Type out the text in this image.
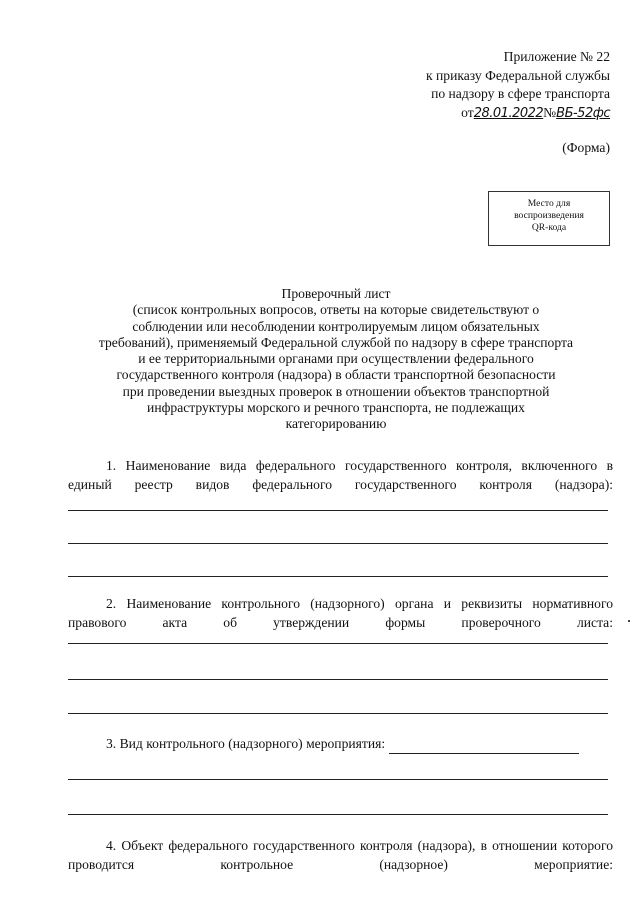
Приложение № 22
к приказу Федеральной службы
по надзору в сфере транспорта
от28.01.2022№ВБ-52фс
(Форма)
Место для
воспроизведения
QR-кода
Проверочный лист
(список контрольных вопросов, ответы на которые свидетельствуют о
соблюдении или несоблюдении контролируемым лицом обязательных
требований), применяемый Федеральной службой по надзору в сфере транспорта
и ее территориальными органами при осуществлении федерального
государственного контроля (надзора) в области транспортной безопасности
при проведении выездных проверок в отношении объектов транспортной
инфраструктуры морского и речного транспорта, не подлежащих
категорированию
1. Наименование вида федерального государственного контроля, включенного в единый реестр видов федерального государственного контроля (надзора):
2. Наименование контрольного (надзорного) органа и реквизиты нормативного правового акта об утверждении формы проверочного листа:
3. Вид контрольного (надзорного) мероприятия:
4. Объект федерального государственного контроля (надзора), в отношении которого проводится контрольное (надзорное) мероприятие:
